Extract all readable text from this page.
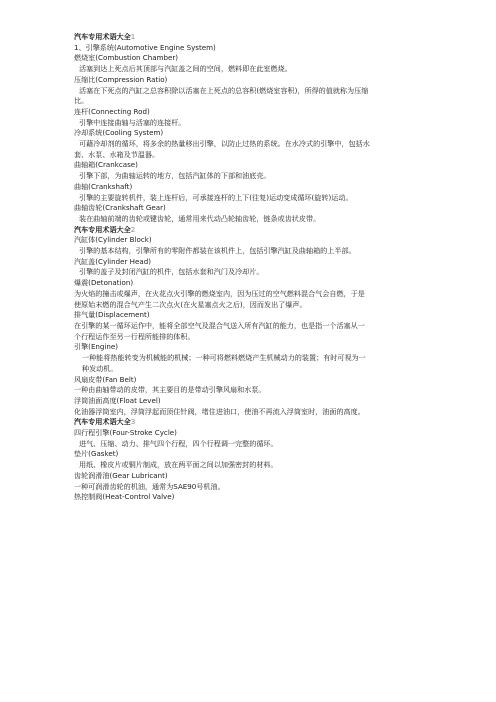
汽车专用术语大全1
1、引擎系统(Automotive Engine System)
燃烧室(Combustion Chamber)
活塞到达上死点后其顶部与汽缸盖之间的空间，燃料即在此室燃烧。
压缩比(Compression Ratio)
活塞在下死点的汽缸之总容积除以活塞在上死点的总容积(燃烧室容积)，所得的值就称为压缩
比。
连杆(Connecting Rod)
引擎中连接曲轴与活塞的连接杆。
冷却系统(Cooling System)
可藉冷却剂的循环，将多余的热量移出引擎，以防止过热的系统。在水冷式的引擎中，包括水
套、水泵、水箱及节温器。
曲轴箱(Crankcase)
引擎下部，为曲轴运转的地方，包括汽缸体的下部和油底壳。
曲轴(Crankshaft)
引擎的主要旋转机件，装上连杆后，可承接连杆的上下(往复)运动变成循环(旋转)运动。
曲轴齿轮(Crankshaft Gear)
装在曲轴前端的齿轮或键齿轮，通常用来代动凸轮轴齿轮，链条或齿状皮带。
汽车专用术语大全2
汽缸体(Cylinder Block)
引擎的基本结构，引擎所有的零附件都装在该机件上，包括引擎汽缸及曲轴箱的上半部。
汽缸盖(Cylinder Head)
引擎的盖子及封闭汽缸的机件，包括水套和汽门及冷却片。
爆震(Detonation)
为火焰的撞击或爆声，在火花点火引擎的燃烧室内，因为压过的空气燃料混合气会自燃，于是
使原始末燃的混合气产生二次点火(在火星塞点火之后)，因而发出了爆声。
排气量(Displacement)
在引擎的某一循环运作中，能将全部空气及混合气送入所有汽缸的能力，也是指一个活塞从一
个行程运作至另一行程所能排的体积。
引擎(Engine)
一种能将热能转变为机械能的机械；一种可将燃料燃烧产生机械动力的装置；有时可视为一
种发动机。
风扇皮带(Fan Belt)
一种由曲轴带动的皮带，其主要目的是带动引擎风扇和水泵。
浮筒油面高度(Float Level)
化油器浮筒室内，浮筒浮起而顶住针阀，堵住进油口，使油不再流入浮筒室时，油面的高度。
汽车专用术语大全3
四行程引擎(Four-Stroke Cycle)
进气、压缩、动力、排气四个行程，四个行程调一完整的循环。
垫片(Gasket)
用纸、橡皮片或铜片制成，放在两平面之间以加强密封的材料。
齿轮润滑油(Gear Lubricant)
一种可润滑齿轮的机油，通常为SAE90号机油。
热控制阀(Heat-Control Valve)
